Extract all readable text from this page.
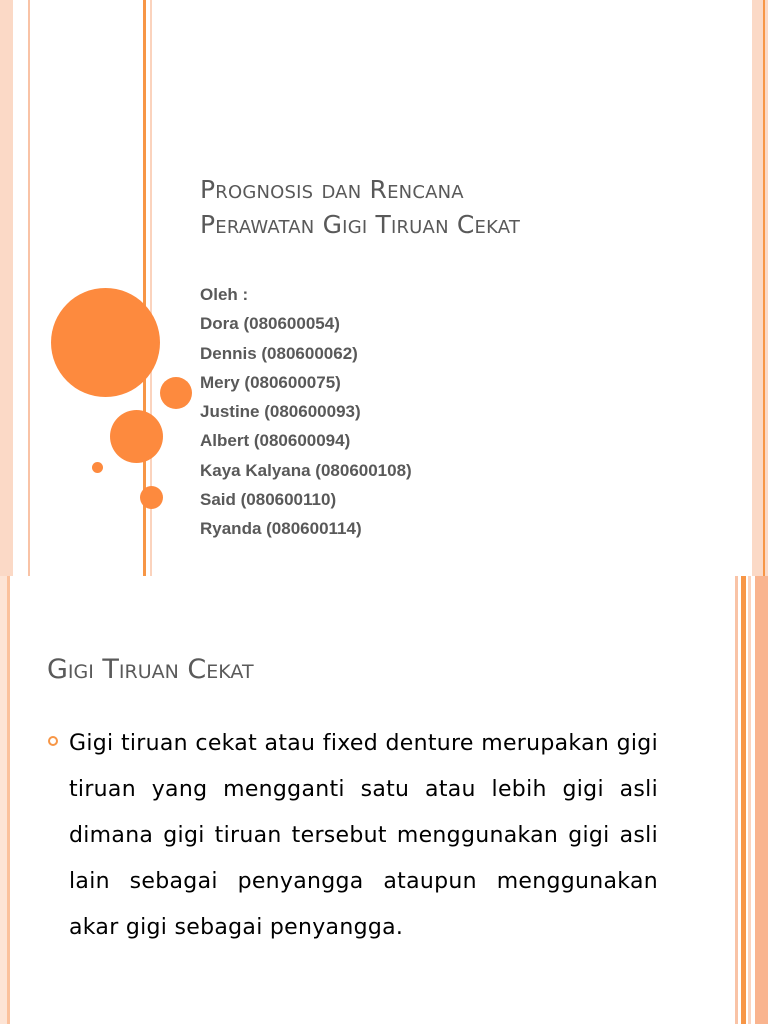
Prognosis dan Rencana
Perawatan Gigi Tiruan Cekat
Oleh :
Dora (080600054)
Dennis (080600062)
Mery (080600075)
Justine (080600093)
Albert (080600094)
Kaya Kalyana (080600108)
Said (080600110)
Ryanda (080600114)
Gigi Tiruan Cekat
Gigi tiruan cekat atau fixed denture merupakan gigi tiruan yang mengganti satu atau lebih gigi asli dimana gigi tiruan tersebut menggunakan gigi asli lain sebagai penyangga ataupun menggunakan akar gigi sebagai penyangga.
